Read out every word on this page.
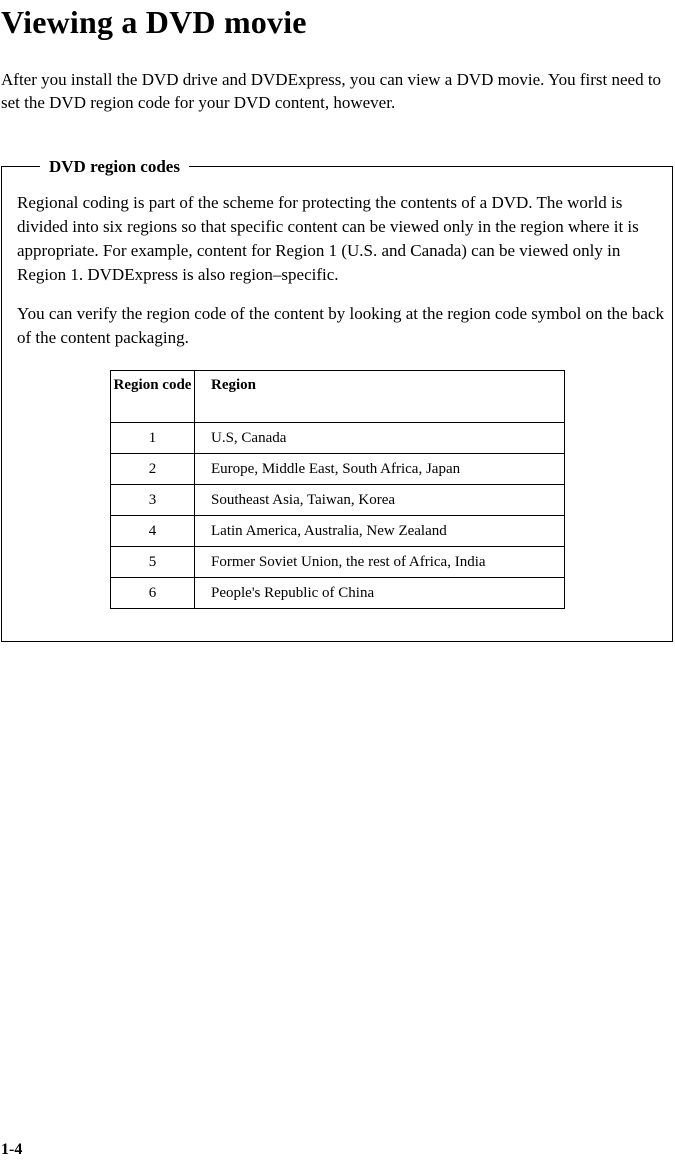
Viewing a DVD movie

After you install the DVD drive and DVDExpress, you can view a DVD movie. You first need to set the DVD region code for your DVD content, however.

DVD region codes

Regional coding is part of the scheme for protecting the contents of a DVD. The world is divided into six regions so that specific content can be viewed only in the region where it is appropriate. For example, content for Region 1 (U.S. and Canada) can be viewed only in Region 1. DVDExpress is also region–specific.

You can verify the region code of the content by looking at the region code symbol on the back of the content packaging.

Region code	Region
1	U.S, Canada
2	Europe, Middle East, South Africa, Japan
3	Southeast Asia, Taiwan, Korea
4	Latin America, Australia, New Zealand
5	Former Soviet Union, the rest of Africa, India
6	People's Republic of China
1-4
